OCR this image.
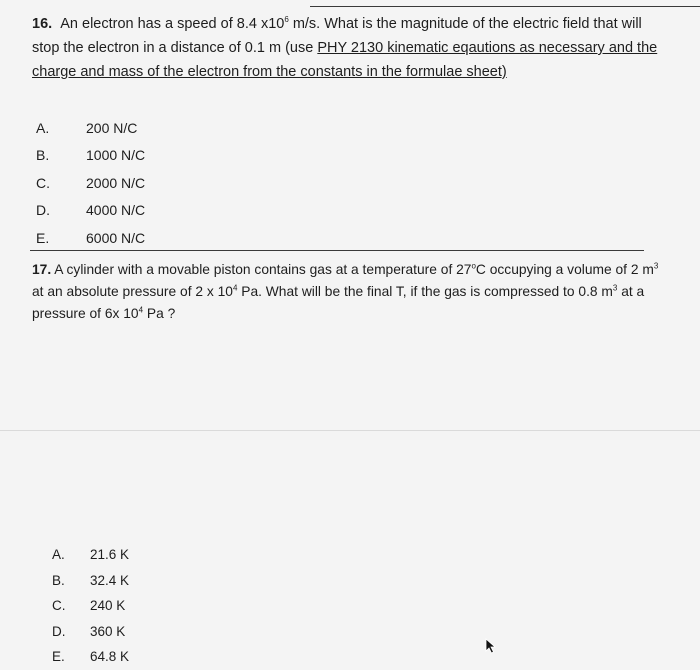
16. An electron has a speed of 8.4 $x10^6$ m/s. What is the magnitude of the electric field that will
stop the electron in a distance of 0.1 m (use PHY 2130 kinematic eqautions as necessary and the
charge and mass of the electron from the constants in the formulae sheet)
A.	200 N/C
B.	1000 N/C
C.	2000 N/C
D.	4000 N/C
E.	6000 N/C
17. A cylinder with a movable piston contains gas at a temperature of 27$^o$C occupying a volume of 2 $m^3$ at an absolute pressure of 2 x $10^4$ Pa. What will be the final T, if the gas is compressed to 0.8 $m^3$ at a pressure of 6x $10^4$ Pa ?
A.	21.6 K
B.	32.4 K
C.	240 K
D.	360 K
E.	64.8 K
